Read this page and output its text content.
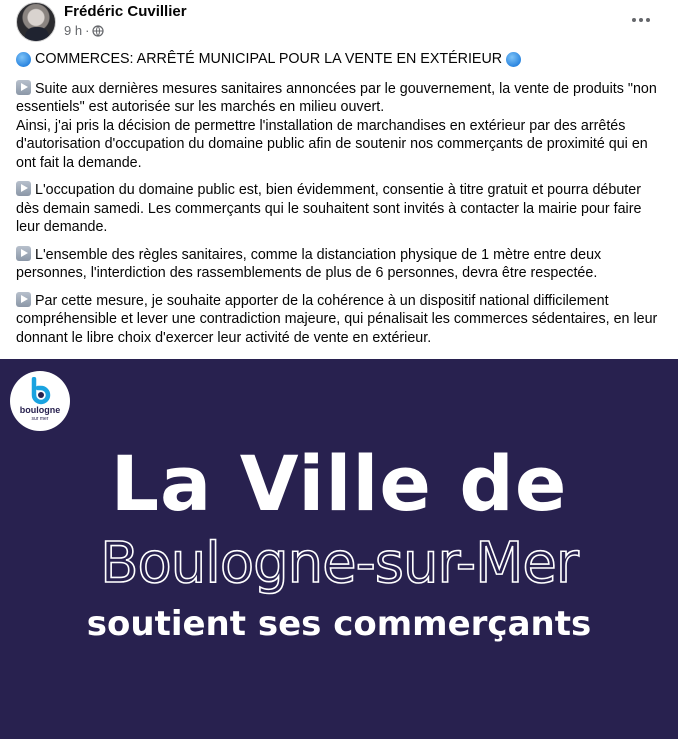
Frédéric Cuvillier
9 h ·

COMMERCES: ARRÊTÉ MUNICIPAL POUR LA VENTE EN EXTÉRIEUR

Suite aux dernières mesures sanitaires annoncées par le gouvernement, la vente de produits "non essentiels" est autorisée sur les marchés en milieu ouvert.
Ainsi, j'ai pris la décision de permettre l'installation de marchandises en extérieur par des arrêtés d'autorisation d'occupation du domaine public afin de soutenir nos commerçants de proximité qui en ont fait la demande.

L'occupation du domaine public est, bien évidemment, consentie à titre gratuit et pourra débuter dès demain samedi. Les commerçants qui le souhaitent sont invités à contacter la mairie pour faire leur demande.

L'ensemble des règles sanitaires, comme la distanciation physique de 1 mètre entre deux personnes, l'interdiction des rassemblements de plus de 6 personnes, devra être respectée.

Par cette mesure, je souhaite apporter de la cohérence à un dispositif national difficilement compréhensible et lever une contradiction majeure, qui pénalisait les commerces sédentaires, en leur donnant le libre choix d'exercer leur activité de vente en extérieur.

boulogne
sur mer
La Ville de
Boulogne-sur-Mer
soutient ses commerçants
